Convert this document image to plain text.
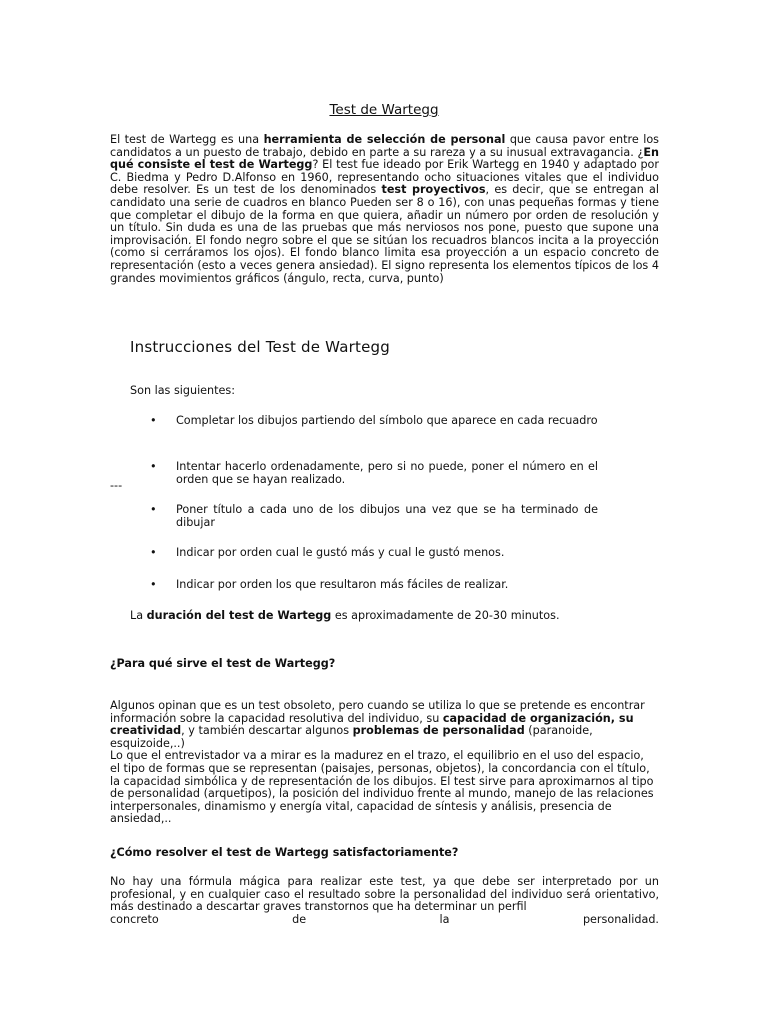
Test de Wartegg
El test de Wartegg es una herramienta de selección de personal que causa pavor entre los candidatos a un puesto de trabajo, debido en parte a su rareza y a su inusual extravagancia. ¿En qué consiste el test de Wartegg? El test fue ideado por Erik Wartegg en 1940 y adaptado por C. Biedma y Pedro D.Alfonso en 1960, representando ocho situaciones vitales que el individuo debe resolver. Es un test de los denominados test proyectivos, es decir, que se entregan al candidato una serie de cuadros en blanco Pueden ser 8 o 16), con unas pequeñas formas y tiene que completar el dibujo de la forma en que quiera, añadir un número por orden de resolución y un título. Sin duda es una de las pruebas que más nerviosos nos pone, puesto que supone una improvisación. El fondo negro sobre el que se sitúan los recuadros blancos incita a la proyección (como si cerráramos los ojos). El fondo blanco limita esa proyección a un espacio concreto de representación (esto a veces genera ansiedad). El signo representa los elementos típicos de los 4 grandes movimientos gráficos (ángulo, recta, curva, punto)
Instrucciones del Test de Wartegg
Son las siguientes:
• Completar los dibujos partiendo del símbolo que aparece en cada recuadro
• Intentar hacerlo ordenadamente, pero si no puede, poner el número en el orden que se hayan realizado.
• Poner título a cada uno de los dibujos una vez que se ha terminado de dibujar
• Indicar por orden cual le gustó más y cual le gustó menos.
• Indicar por orden los que resultaron más fáciles de realizar.
---
La duración del test de Wartegg es aproximadamente de 20-30 minutos.
¿Para qué sirve el test de Wartegg?
Algunos opinan que es un test obsoleto, pero cuando se utiliza lo que se pretende es encontrar información sobre la capacidad resolutiva del individuo, su capacidad de organización, su creatividad, y también descartar algunos problemas de personalidad (paranoide, esquizoide,..)
Lo que el entrevistador va a mirar es la madurez en el trazo, el equilibrio en el uso del espacio, el tipo de formas que se representan (paisajes, personas, objetos), la concordancia con el título, la capacidad simbólica y de representación de los dibujos. El test sirve para aproximarnos al tipo de personalidad (arquetipos), la posición del individuo frente al mundo, manejo de las relaciones interpersonales, dinamismo y energía vital, capacidad de síntesis y análisis, presencia de ansiedad,..
¿Cómo resolver el test de Wartegg satisfactoriamente?
No hay una fórmula mágica para realizar este test, ya que debe ser interpretado por un profesional, y en cualquier caso el resultado sobre la personalidad del individuo será orientativo, más destinado a descartar graves transtornos que ha determinar un perfil
concreto	de	la	personalidad.
